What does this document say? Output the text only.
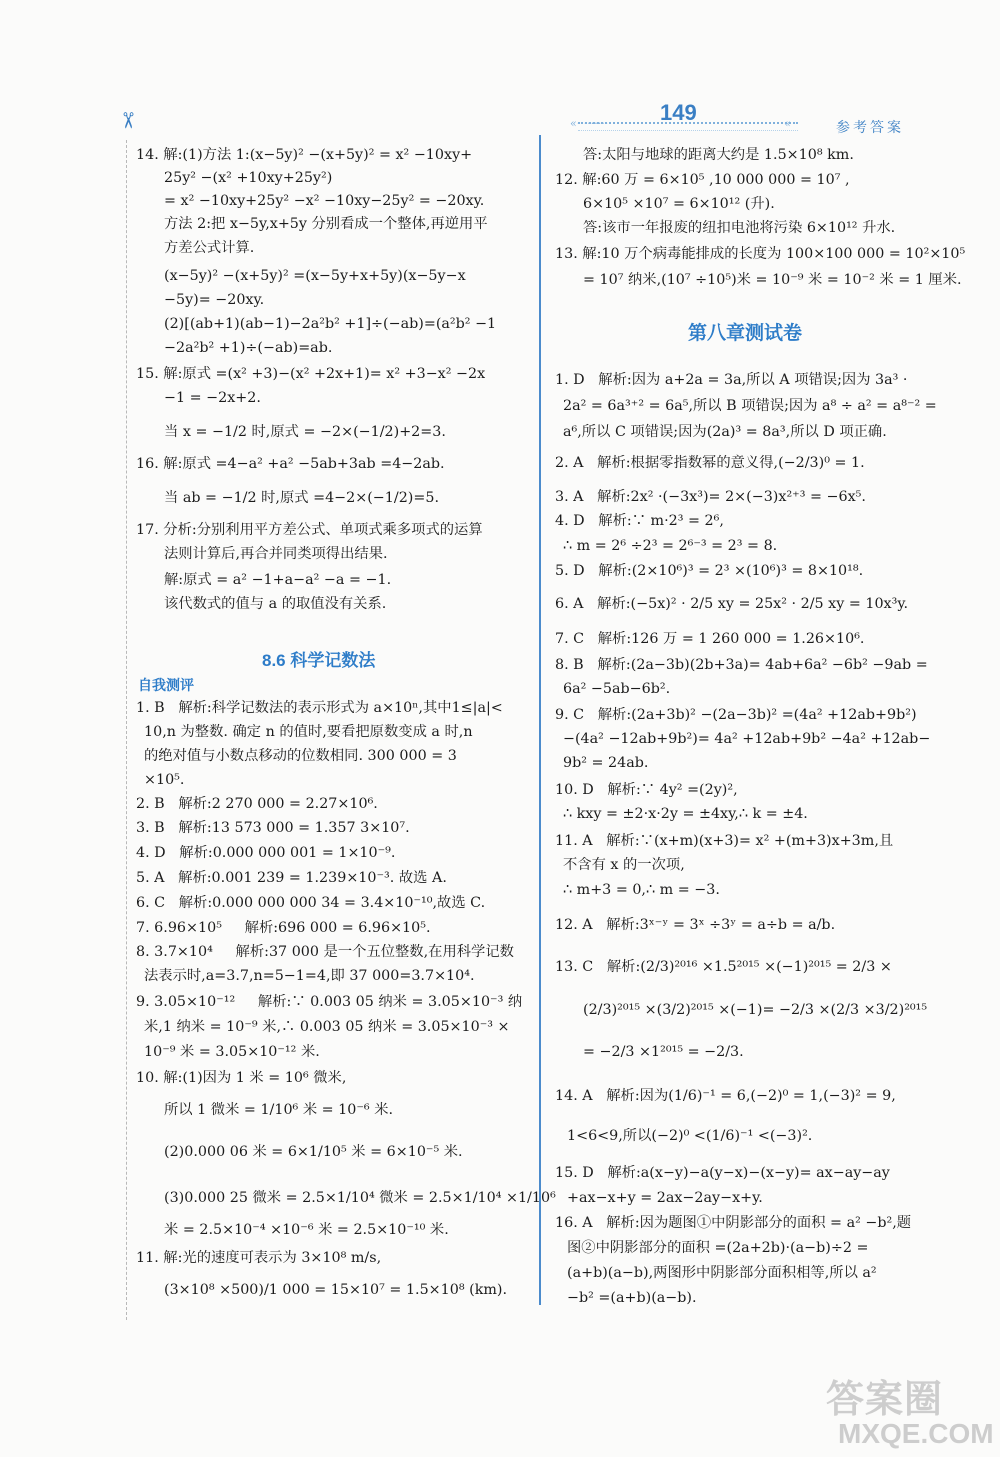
✂	«·········· 149	«	参考答案
14. 解:(1)方法 1:(x−5y)² −(x+5y)² = x² −10xy+
25y² −(x² +10xy+25y²)
= x² −10xy+25y² −x² −10xy−25y² = −20xy.
方法 2:把 x−5y,x+5y 分别看成一个整体,再逆用平
方差公式计算.
(x−5y)² −(x+5y)² =(x−5y+x+5y)(x−5y−x
−5y)= −20xy.
(2)[(ab+1)(ab−1)−2a²b² +1]÷(−ab)=(a²b² −1
−2a²b² +1)÷(−ab)=ab.
15. 解:原式 =(x² +3)−(x² +2x+1)= x² +3−x² −2x
−1 = −2x+2.
当 x = −1/2 时,原式 = −2×(−1/2)+2=3.
16. 解:原式 =4−a² +a² −5ab+3ab =4−2ab.
当 ab = −1/2 时,原式 =4−2×(−1/2)=5.
17. 分析:分别利用平方差公式、单项式乘多项式的运算
法则计算后,再合并同类项得出结果.
解:原式 = a² −1+a−a² −a = −1.
该代数式的值与 a 的取值没有关系.
1. B   解析:科学记数法的表示形式为 a×10ⁿ,其中1≤|a|<
10,n 为整数. 确定 n 的值时,要看把原数变成 a 时,n
的绝对值与小数点移动的位数相同. 300 000 = 3
×10⁵.
2. B   解析:2 270 000 = 2.27×10⁶.
3. B   解析:13 573 000 = 1.357 3×10⁷.
4. D   解析:0.000 000 001 = 1×10⁻⁹.
5. A   解析:0.001 239 = 1.239×10⁻³. 故选 A.
6. C   解析:0.000 000 000 34 = 3.4×10⁻¹⁰,故选 C.
7. 6.96×10⁵     解析:696 000 = 6.96×10⁵.
8. 3.7×10⁴     解析:37 000 是一个五位整数,在用科学记数
法表示时,a=3.7,n=5−1=4,即 37 000=3.7×10⁴.
9. 3.05×10⁻¹²     解析:∵ 0.003 05 纳米 = 3.05×10⁻³ 纳
米,1 纳米 = 10⁻⁹ 米,∴ 0.003 05 纳米 = 3.05×10⁻³ ×
10⁻⁹ 米 = 3.05×10⁻¹² 米.
10. 解:(1)因为 1 米 = 10⁶ 微米,
所以 1 微米 = 1/10⁶ 米 = 10⁻⁶ 米.
(2)0.000 06 米 = 6×1/10⁵ 米 = 6×10⁻⁵ 米.
(3)0.000 25 微米 = 2.5×1/10⁴ 微米 = 2.5×1/10⁴ ×1/10⁶
米 = 2.5×10⁻⁴ ×10⁻⁶ 米 = 2.5×10⁻¹⁰ 米.
11. 解:光的速度可表示为 3×10⁸ m/s,
(3×10⁸ ×500)/1 000 = 15×10⁷ = 1.5×10⁸ (km).
8.6 科学记数法
自我测评
答:太阳与地球的距离大约是 1.5×10⁸ km.
12. 解:60 万 = 6×10⁵ ,10 000 000 = 10⁷ ,
6×10⁵ ×10⁷ = 6×10¹² (升).
答:该市一年报废的纽扣电池将污染 6×10¹² 升水.
13. 解:10 万个病毒能排成的长度为 100×100 000 = 10²×10⁵
= 10⁷ 纳米,(10⁷ ÷10⁵)米 = 10⁻⁹ 米 = 10⁻² 米 = 1 厘米.
1. D   解析:因为 a+2a = 3a,所以 A 项错误;因为 3a³ ·
2a² = 6a³⁺² = 6a⁵,所以 B 项错误;因为 a⁸ ÷ a² = a⁸⁻² =
a⁶,所以 C 项错误;因为(2a)³ = 8a³,所以 D 项正确.
2. A   解析:根据零指数幂的意义得,(−2/3)⁰ = 1.
3. A   解析:2x² ·(−3x³)= 2×(−3)x²⁺³ = −6x⁵.
4. D   解析:∵ m·2³ = 2⁶,
∴ m = 2⁶ ÷2³ = 2⁶⁻³ = 2³ = 8.
5. D   解析:(2×10⁶)³ = 2³ ×(10⁶)³ = 8×10¹⁸.
6. A   解析:(−5x)² · 2/5 xy = 25x² · 2/5 xy = 10x³y.
7. C   解析:126 万 = 1 260 000 = 1.26×10⁶.
8. B   解析:(2a−3b)(2b+3a)= 4ab+6a² −6b² −9ab =
6a² −5ab−6b².
9. C   解析:(2a+3b)² −(2a−3b)² =(4a² +12ab+9b²)
−(4a² −12ab+9b²)= 4a² +12ab+9b² −4a² +12ab−
9b² = 24ab.
10. D   解析:∵ 4y² =(2y)²,
∴ kxy = ±2·x·2y = ±4xy,∴ k = ±4.
11. A   解析:∵(x+m)(x+3)= x² +(m+3)x+3m,且
不含有 x 的一次项,
∴ m+3 = 0,∴ m = −3.
12. A   解析:3ˣ⁻ʸ = 3ˣ ÷3ʸ = a÷b = a/b.
13. C   解析:(2/3)²⁰¹⁶ ×1.5²⁰¹⁵ ×(−1)²⁰¹⁵ = 2/3 ×
(2/3)²⁰¹⁵ ×(3/2)²⁰¹⁵ ×(−1)= −2/3 ×(2/3 ×3/2)²⁰¹⁵
= −2/3 ×1²⁰¹⁵ = −2/3.
14. A   解析:因为(1/6)⁻¹ = 6,(−2)⁰ = 1,(−3)² = 9,
1<6<9,所以(−2)⁰ <(1/6)⁻¹ <(−3)².
15. D   解析:a(x−y)−a(y−x)−(x−y)= ax−ay−ay
+ax−x+y = 2ax−2ay−x+y.
16. A   解析:因为题图①中阴影部分的面积 = a² −b²,题
图②中阴影部分的面积 =(2a+2b)·(a−b)÷2 =
(a+b)(a−b),两图形中阴影部分面积相等,所以 a²
−b² =(a+b)(a−b).
第八章测试卷
答案圈
MXQE.COM
